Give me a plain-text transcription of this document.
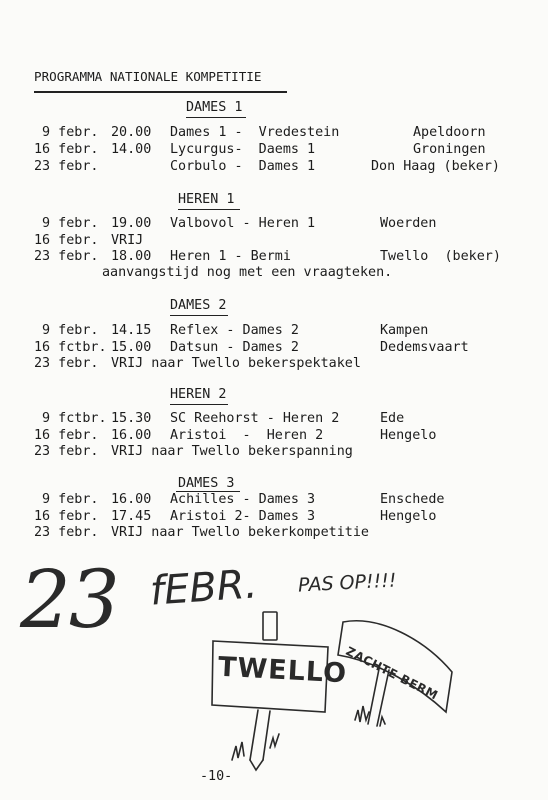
PROGRAMMA NATIONALE KOMPETITIE
DAMES 1
9 febr. 20.00 Dames 1 -  Vredestein	Apeldoorn
16 febr. 14.00 Lycurgus-  Daems 1	Groningen
23 febr.	Corbulo -  Dames 1	Don Haag (beker)
HEREN 1
9 febr. 19.00 Valbovol - Heren 1	Woerden
16 febr. VRIJ
23 febr. 18.00 Heren 1 - Bermi	Twello  (beker)
aanvangstijd nog met een vraagteken.
DAMES 2
9 febr. 14.15 Reflex - Dames 2	Kampen
16 fctbr. 15.00 Datsun - Dames 2	Dedemsvaart
23 febr. VRIJ naar Twello bekerspektakel
HEREN 2
9 fctbr. 15.30 SC Reehorst - Heren 2	Ede
16 febr. 16.00 Aristoi  -  Heren 2	Hengelo
23 febr. VRIJ naar Twello bekerspanning
DAMES 3
9 febr. 16.00 Achilles - Dames 3	Enschede
16 febr. 17.45 Aristoi 2- Dames 3	Hengelo
23 febr. VRIJ naar Twello bekerkompetitie
23 fEBR. PAS OP!!!!
TWELLO
ZACHTE BERM
-10-
